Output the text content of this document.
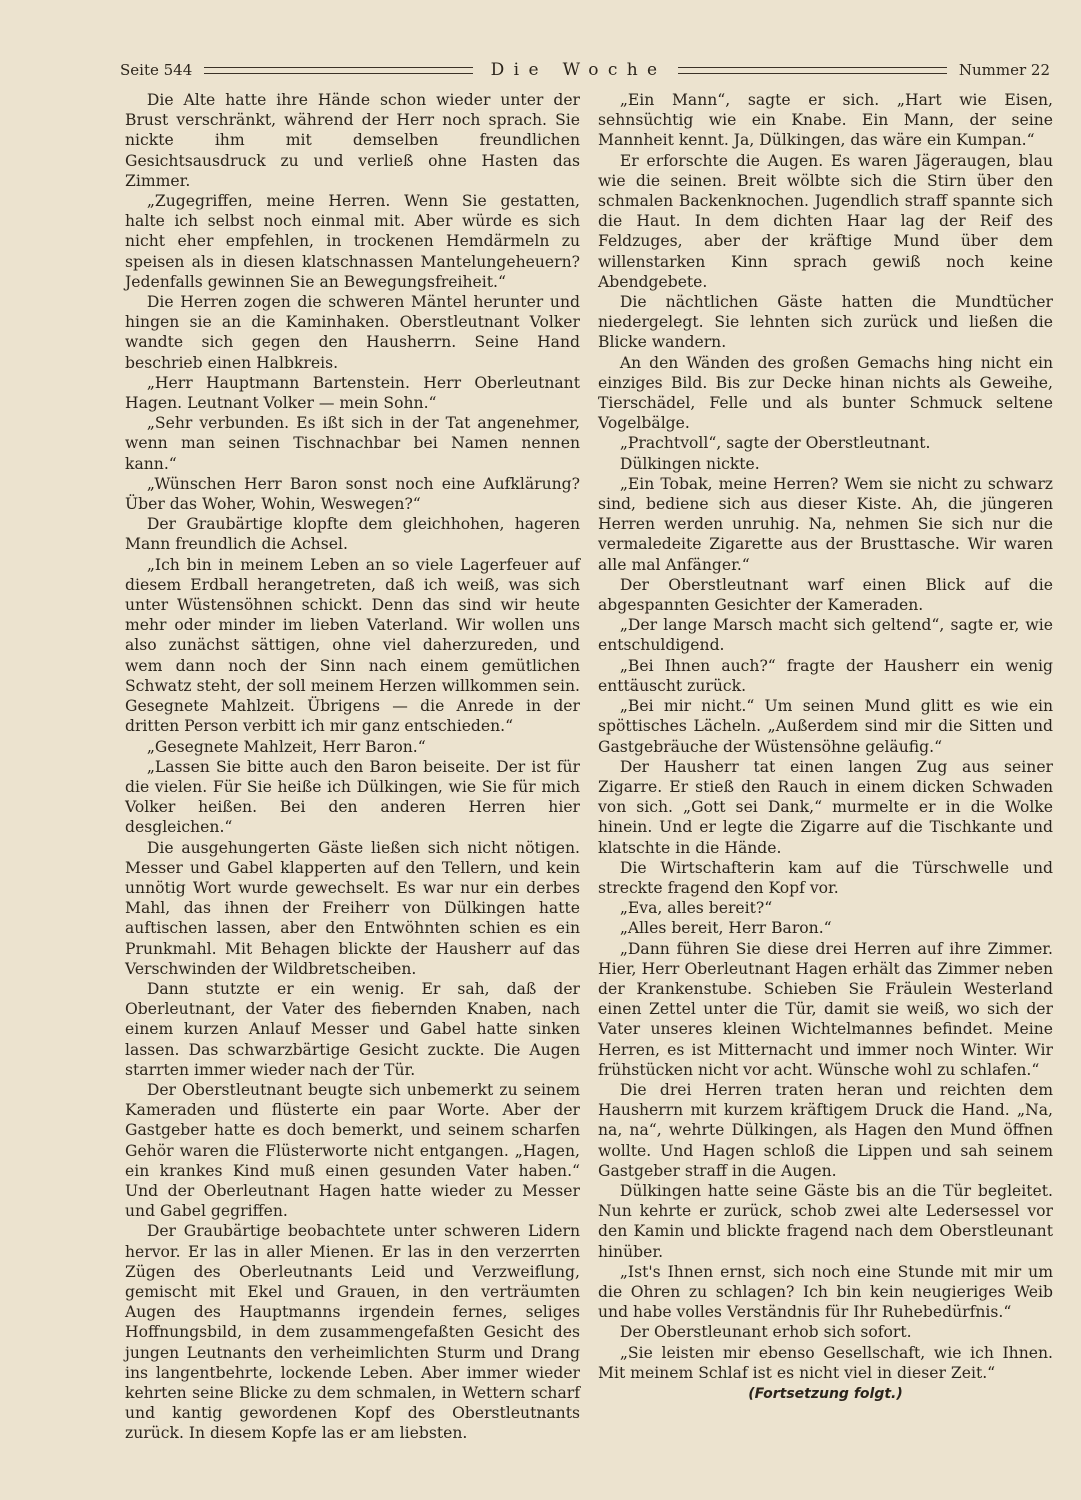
Seite 544	Die Woche	Nummer 22

Die Alte hatte ihre Hände schon wieder unter der Brust verschränkt, während der Herr noch sprach. Sie nickte ihm mit demselben freundlichen Gesichtsausdruck zu und verließ ohne Hasten das Zimmer.

„Zugegriffen, meine Herren. Wenn Sie gestatten, halte ich selbst noch einmal mit. Aber würde es sich nicht eher empfehlen, in trockenen Hemdärmeln zu speisen als in diesen klatschnassen Mantelungeheuern? Jedenfalls gewinnen Sie an Bewegungsfreiheit.“

Die Herren zogen die schweren Mäntel herunter und hingen sie an die Kaminhaken. Oberstleutnant Volker wandte sich gegen den Hausherrn. Seine Hand beschrieb einen Halbkreis.

„Herr Hauptmann Bartenstein. Herr Oberleutnant Hagen. Leutnant Volker — mein Sohn.“

„Sehr verbunden. Es ißt sich in der Tat angenehmer, wenn man seinen Tischnachbar bei Namen nennen kann.“

„Wünschen Herr Baron sonst noch eine Aufklärung? Über das Woher, Wohin, Weswegen?“

Der Graubärtige klopfte dem gleichhohen, hageren Mann freundlich die Achsel.

„Ich bin in meinem Leben an so viele Lagerfeuer auf diesem Erdball herangetreten, daß ich weiß, was sich unter Wüstensöhnen schickt. Denn das sind wir heute mehr oder minder im lieben Vaterland. Wir wollen uns also zunächst sättigen, ohne viel daherzureden, und wem dann noch der Sinn nach einem gemütlichen Schwatz steht, der soll meinem Herzen willkommen sein. Gesegnete Mahlzeit. Übrigens — die Anrede in der dritten Person verbitt ich mir ganz entschieden.“

„Gesegnete Mahlzeit, Herr Baron.“

„Lassen Sie bitte auch den Baron beiseite. Der ist für die vielen. Für Sie heiße ich Dülkingen, wie Sie für mich Volker heißen. Bei den anderen Herren hier desgleichen.“

Die ausgehungerten Gäste ließen sich nicht nötigen. Messer und Gabel klapperten auf den Tellern, und kein unnötig Wort wurde gewechselt. Es war nur ein derbes Mahl, das ihnen der Freiherr von Dülkingen hatte auftischen lassen, aber den Entwöhnten schien es ein Prunkmahl. Mit Behagen blickte der Hausherr auf das Verschwinden der Wildbretscheiben.

Dann stutzte er ein wenig. Er sah, daß der Oberleutnant, der Vater des fiebernden Knaben, nach einem kurzen Anlauf Messer und Gabel hatte sinken lassen. Das schwarzbärtige Gesicht zuckte. Die Augen starrten immer wieder nach der Tür.

Der Oberstleutnant beugte sich unbemerkt zu seinem Kameraden und flüsterte ein paar Worte. Aber der Gastgeber hatte es doch bemerkt, und seinem scharfen Gehör waren die Flüsterworte nicht entgangen. „Hagen, ein krankes Kind muß einen gesunden Vater haben.“ Und der Oberleutnant Hagen hatte wieder zu Messer und Gabel gegriffen.

Der Graubärtige beobachtete unter schweren Lidern hervor. Er las in aller Mienen. Er las in den verzerrten Zügen des Oberleutnants Leid und Verzweiflung, gemischt mit Ekel und Grauen, in den verträumten Augen des Hauptmanns irgendein fernes, seliges Hoffnungsbild, in dem zusammengefaßten Gesicht des jungen Leutnants den verheimlichten Sturm und Drang ins langentbehrte, lockende Leben. Aber immer wieder kehrten seine Blicke zu dem schmalen, in Wettern scharf und kantig gewordenen Kopf des Oberstleutnants zurück. In diesem Kopfe las er am liebsten.

„Ein Mann“, sagte er sich. „Hart wie Eisen, sehnsüchtig wie ein Knabe. Ein Mann, der seine Mannheit kennt. Ja, Dülkingen, das wäre ein Kumpan.“

Er erforschte die Augen. Es waren Jägeraugen, blau wie die seinen. Breit wölbte sich die Stirn über den schmalen Backenknochen. Jugendlich straff spannte sich die Haut. In dem dichten Haar lag der Reif des Feldzuges, aber der kräftige Mund über dem willenstarken Kinn sprach gewiß noch keine Abendgebete.

Die nächtlichen Gäste hatten die Mundtücher niedergelegt. Sie lehnten sich zurück und ließen die Blicke wandern.

An den Wänden des großen Gemachs hing nicht ein einziges Bild. Bis zur Decke hinan nichts als Geweihe, Tierschädel, Felle und als bunter Schmuck seltene Vogelbälge.

„Prachtvoll“, sagte der Oberstleutnant.

Dülkingen nickte.

„Ein Tobak, meine Herren? Wem sie nicht zu schwarz sind, bediene sich aus dieser Kiste. Ah, die jüngeren Herren werden unruhig. Na, nehmen Sie sich nur die vermaledeite Zigarette aus der Brusttasche. Wir waren alle mal Anfänger.“

Der Oberstleutnant warf einen Blick auf die abgespannten Gesichter der Kameraden.

„Der lange Marsch macht sich geltend“, sagte er, wie entschuldigend.

„Bei Ihnen auch?“ fragte der Hausherr ein wenig enttäuscht zurück.

„Bei mir nicht.“ Um seinen Mund glitt es wie ein spöttisches Lächeln. „Außerdem sind mir die Sitten und Gastgebräuche der Wüstensöhne geläufig.“

Der Hausherr tat einen langen Zug aus seiner Zigarre. Er stieß den Rauch in einem dicken Schwaden von sich. „Gott sei Dank,“ murmelte er in die Wolke hinein. Und er legte die Zigarre auf die Tischkante und klatschte in die Hände.

Die Wirtschafterin kam auf die Türschwelle und streckte fragend den Kopf vor.

„Eva, alles bereit?“

„Alles bereit, Herr Baron.“

„Dann führen Sie diese drei Herren auf ihre Zimmer. Hier, Herr Oberleutnant Hagen erhält das Zimmer neben der Krankenstube. Schieben Sie Fräulein Westerland einen Zettel unter die Tür, damit sie weiß, wo sich der Vater unseres kleinen Wichtelmannes befindet. Meine Herren, es ist Mitternacht und immer noch Winter. Wir frühstücken nicht vor acht. Wünsche wohl zu schlafen.“

Die drei Herren traten heran und reichten dem Hausherrn mit kurzem kräftigem Druck die Hand. „Na, na, na“, wehrte Dülkingen, als Hagen den Mund öffnen wollte. Und Hagen schloß die Lippen und sah seinem Gastgeber straff in die Augen.

Dülkingen hatte seine Gäste bis an die Tür begleitet. Nun kehrte er zurück, schob zwei alte Ledersessel vor den Kamin und blickte fragend nach dem Oberstleunant hinüber.

„Ist's Ihnen ernst, sich noch eine Stunde mit mir um die Ohren zu schlagen? Ich bin kein neugieriges Weib und habe volles Verständnis für Ihr Ruhebedürfnis.“

Der Oberstleunant erhob sich sofort.

„Sie leisten mir ebenso Gesellschaft, wie ich Ihnen. Mit meinem Schlaf ist es nicht viel in dieser Zeit.“

(Fortsetzung folgt.)
